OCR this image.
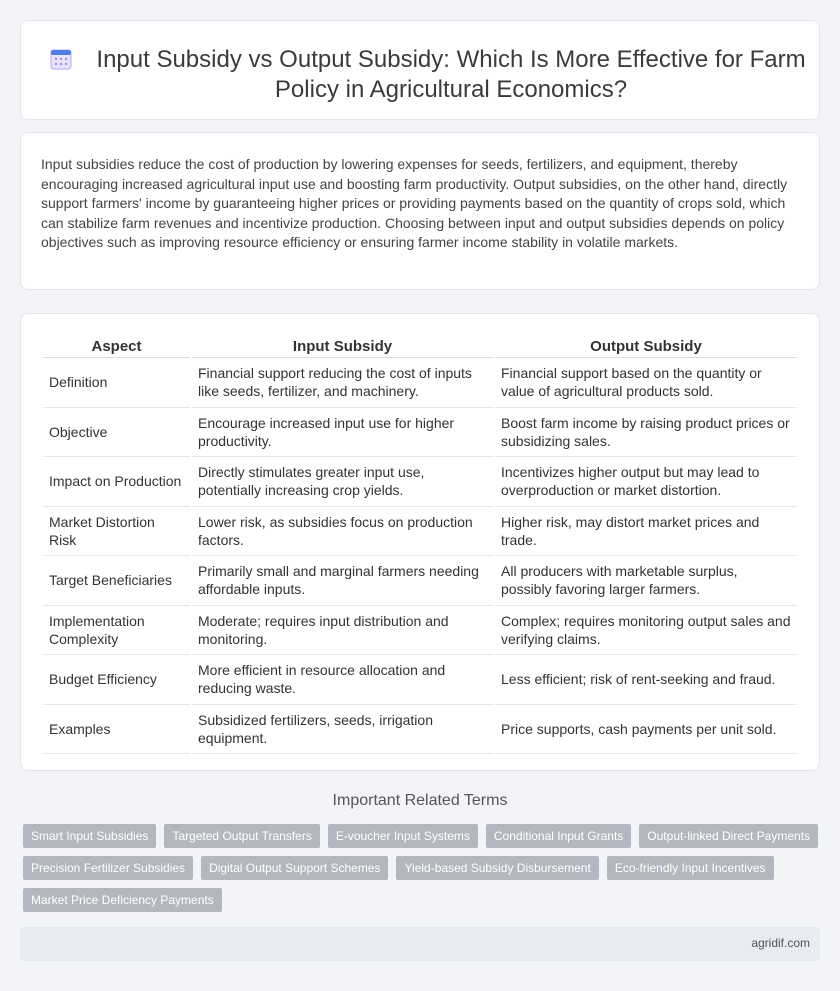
Input Subsidy vs Output Subsidy: Which Is More Effective for Farm Policy in Agricultural Economics?

Input subsidies reduce the cost of production by lowering expenses for seeds, fertilizers, and equipment, thereby encouraging increased agricultural input use and boosting farm productivity. Output subsidies, on the other hand, directly support farmers' income by guaranteeing higher prices or providing payments based on the quantity of crops sold, which can stabilize farm revenues and incentivize production. Choosing between input and output subsidies depends on policy objectives such as improving resource efficiency or ensuring farmer income stability in volatile markets.

Aspect	Input Subsidy	Output Subsidy
Definition	Financial support reducing the cost of inputs like seeds, fertilizer, and machinery.	Financial support based on the quantity or value of agricultural products sold.
Objective	Encourage increased input use for higher productivity.	Boost farm income by raising product prices or subsidizing sales.
Impact on Production	Directly stimulates greater input use, potentially increasing crop yields.	Incentivizes higher output but may lead to overproduction or market distortion.
Market Distortion Risk	Lower risk, as subsidies focus on production factors.	Higher risk, may distort market prices and trade.
Target Beneficiaries	Primarily small and marginal farmers needing affordable inputs.	All producers with marketable surplus, possibly favoring larger farmers.
Implementation Complexity	Moderate; requires input distribution and monitoring.	Complex; requires monitoring output sales and verifying claims.
Budget Efficiency	More efficient in resource allocation and reducing waste.	Less efficient; risk of rent-seeking and fraud.
Examples	Subsidized fertilizers, seeds, irrigation equipment.	Price supports, cash payments per unit sold.
Important Related Terms
Smart Input Subsidies	Targeted Output Transfers	E-voucher Input Systems	Conditional Input Grants	Output-linked Direct Payments
Precision Fertilizer Subsidies	Digital Output Support Schemes	Yield-based Subsidy Disbursement	Eco-friendly Input Incentives
Market Price Deficiency Payments
agridif.com
